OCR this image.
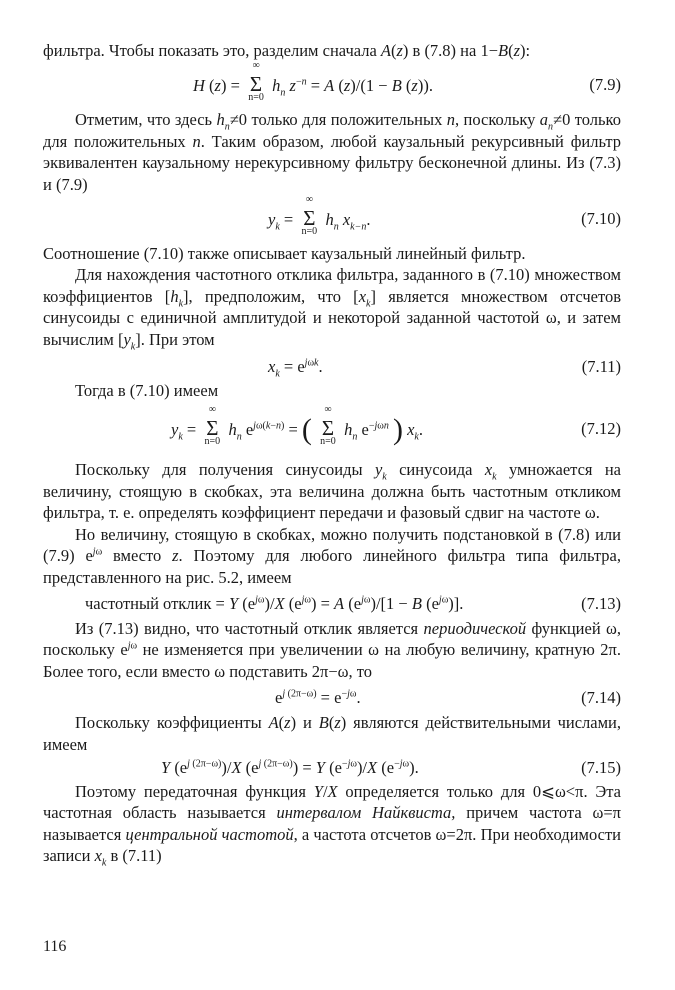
фильтра. Чтобы показать это, разделим сначала A(z) в (7.8) на 1−B(z):

H (z) =
∞
Σ
n=0
$h_n$ $z^{-n} = A$ (z)/(1 − B (z)).	(7.9)

Отметим, что здесь $h_n\ne 0$ только для положительных n, поскольку $a_n\ne 0$ только для положительных n. Таким образом, любой каузальный рекурсивный фильтр эквивалентен каузальному нерекурсивному фильтру бесконечной длины. Из (7.3) и (7.9)

$y_k$ =
∞
Σ
n=0
$h_n$ $x_{k-n}$.	(7.10)

Соотношение (7.10) также описывает каузальный линейный фильтр.

Для нахождения частотного отклика фильтра, заданного в (7.10) множеством коэффициентов $[h_k]$, предположим, что $[x_k]$ является множеством отсчетов синусоиды с единичной амплитудой и некоторой заданной частотой ω, и затем вычислим $[y_k]$. При этом

$x_k = e^{j\omega k}$.	(7.11)

Тогда в (7.10) имеем

$y_k$ =
∞
Σ
n=0
$h_n$ $e^{j\omega(k-n)}$ = (
∞
Σ
n=0
$h_n$ $e^{-j\omega n}$ ) $x_k$.	(7.12)

Поскольку для получения синусоиды $y_k$ синусоида $x_k$ умножается на величину, стоящую в скобках, эта величина должна быть частотным откликом фильтра, т. е. определять коэффициент передачи и фазовый сдвиг на частоте ω.

Но величину, стоящую в скобках, можно получить подстановкой в (7.8) или (7.9) $e^{j\omega}$ вместо z. Поэтому для любого линейного фильтра типа фильтра, представленного на рис. 5.2, имеем

частотный отклик = Y $(e^{j\omega})/X$ $(e^{j\omega}) = A$ $(e^{j\omega})/[1 - B$ $(e^{j\omega})$].	(7.13)

Из (7.13) видно, что частотный отклик является периодической функцией ω, поскольку $e^{j\omega}$ не изменяется при увеличении ω на любую величину, кратную 2π. Более того, если вместо ω подставить 2π−ω, то

$e^{j (2\pi-\omega)} = e^{-j\omega}$.	(7.14)

Поскольку коэффициенты A(z) и B(z) являются действительными числами, имеем

Y $(e^{j (2\pi-\omega)})/X$ $(e^{j (2\pi-\omega)}) = Y$ $(e^{-j\omega})/X$ $(e^{-j\omega})$.	(7.15)

Поэтому передаточная функция Y/X определяется только для 0⩽ω<π. Эта частотная область называется интервалом Найквиста, причем частота ω=π называется центральной частотой, а частота отсчетов ω=2π. При необходимости записи $x_k$ в (7.11)

116
